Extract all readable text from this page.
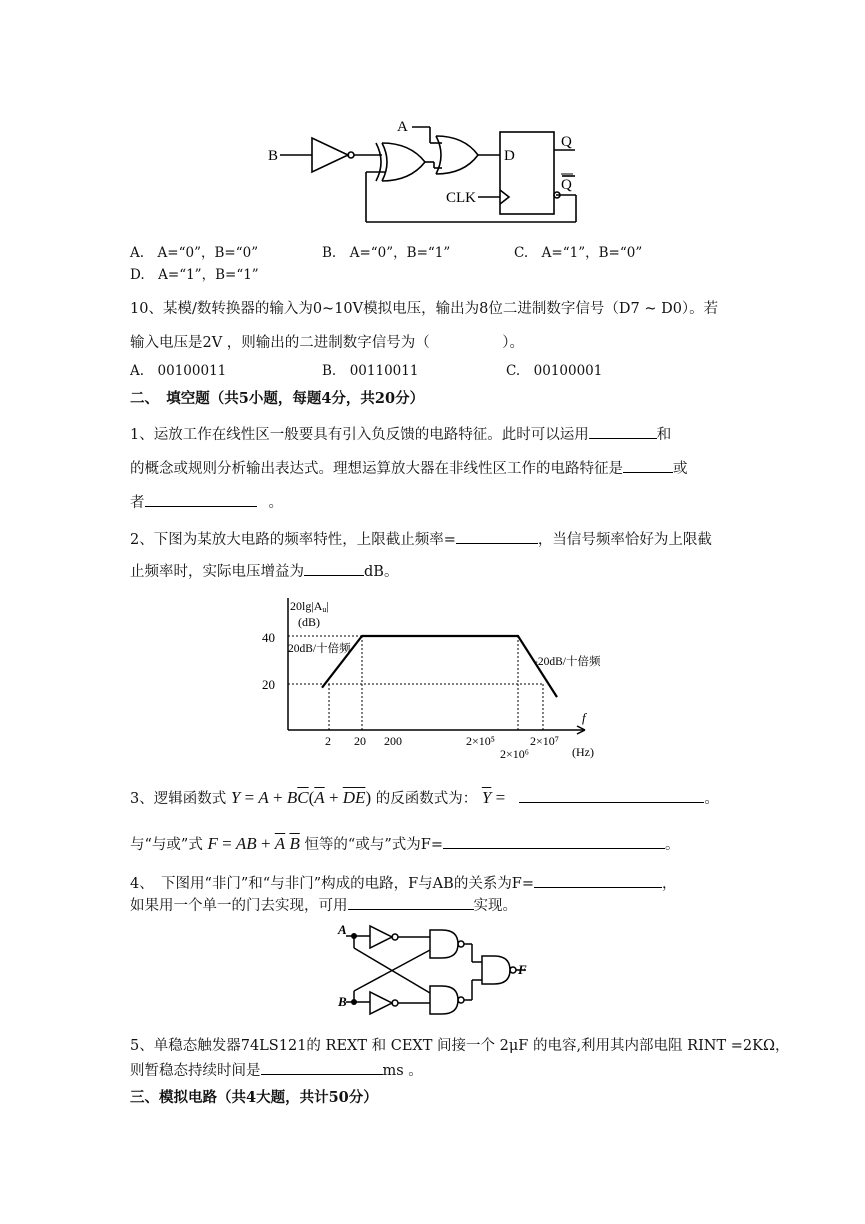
B
A
D
Q
Q
CLK
A.　A=“0”，B=“0”	B.　A=“0”，B=“1”	C.　A=“1”，B=“0”
D.　A=“1”，B=“1”
10、某模/数转换器的输入为0~10V模拟电压，输出为8位二进制数字信号（D7 ~ D0）。若
输入电压是2V ，则输出的二进制数字信号为（　　　　　）。
A.　00100011	B.　00110011	C.　00100001
二、　填空题（共5小题，每题4分，共20分）
1、运放工作在线性区一般要具有引入负反馈的电路特征。此时可以运用	和
的概念或规则分析输出表达式。理想运算放大器在非线性区工作的电路特征是	或
者	。
2、下图为某放大电路的频率特性，上限截止频率=	，当信号频率恰好为上限截
止频率时，实际电压增益为	dB。
20lg|Au|
(dB)
40
20
20dB/十倍频
-20dB/十倍频
2 20 200	2×10⁵
2×10⁶
2×10⁷
f
(Hz)
3、逻辑函数式 $Y = A + B\overline{C}(\overline{A} + \overline{DE})$ 的反函数式为： $\overline{Y}$ =	。
与“与或”式 F = AB + $\overline{A}$ $\overline{B}$ 恒等的“或与”式为F=	。
4、　下图用“非门”和“与非门”构成的电路，F与AB的关系为F=	，
如果用一个单一的门去实现，可用	实现。
A
B
F
5、单稳态触发器74LS121的 REXT 和 CEXT 间接一个 2μF 的电容,利用其内部电阻 RINT =2KΩ，
则暂稳态持续时间是	ms 。
三、模拟电路（共4大题，共计50分）
